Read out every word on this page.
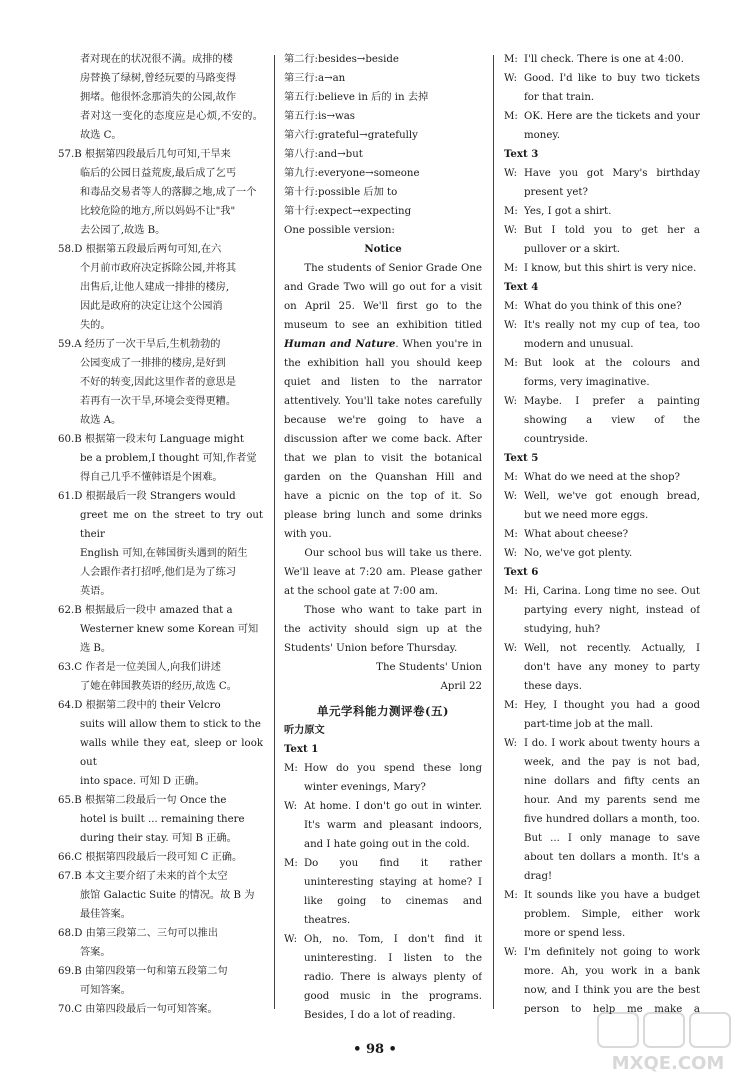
者对现在的状况很不满。成排的楼
房替换了绿树,曾经玩要的马路变得
拥堵。他很怀念那消失的公园,故作
者对这一变化的态度应是心烦,不安的。故选 C。
57.B 根据第四段最后几句可知,干旱来
临后的公园日益荒废,最后成了乞丐
和毒品交易者等人的落脚之地,成了一个
比较危险的地方,所以妈妈不让"我"
去公园了,故选 B。
58.D 根据第五段最后两句可知,在六
个月前市政府决定拆除公园,并将其
出售后,让他人建成一排排的楼房,
因此是政府的决定让这个公园消
失的。
59.A 经历了一次干旱后,生机勃勃的
公园变成了一排排的楼房,是好到
不好的转变,因此这里作者的意思是
若再有一次干旱,环境会变得更糟。
故选 A。
60.B 根据第一段末句 Language might
be a problem,I thought 可知,作者觉
得自己几乎不懂韩语是个困难。
61.D 根据最后一段 Strangers would
greet me on the street to try out their
English 可知,在韩国街头遇到的陌生
人会跟作者打招呼,他们是为了练习
英语。
62.B 根据最后一段中 amazed that a
Westerner knew some Korean 可知
选 B。
63.C 作者是一位美国人,向我们讲述
了她在韩国教英语的经历,故选 C。
64.D 根据第二段中的 their Velcro
suits will allow them to stick to the
walls while they eat, sleep or look out
into space. 可知 D 正确。
65.B 根据第二段最后一句 Once the
hotel is built ... remaining there
during their stay. 可知 B 正确。
66.C 根据第四段最后一段可知 C 正确。
67.B 本文主要介绍了未来的首个太空
旅馆 Galactic Suite 的情况。故 B 为
最佳答案。
68.D 由第三段第二、三句可以推出
答案。
69.B 由第四段第一句和第五段第二句
可知答案。
70.C 由第四段最后一句可知答案。
第二行:besides→beside
第三行:a→an
第五行:believe in 后的 in 去掉
第五行:is→was
第六行:grateful→gratefully
第八行:and→but
第九行:everyone→someone
第十行:possible 后加 to
第十行:expect→expecting
One possible version:
Notice
The students of Senior Grade One and Grade Two will go out for a visit on April 25. We'll first go to the museum to see an exhibition titled Human and Nature. When you're in the exhibition hall you should keep quiet and listen to the narrator attentively. You'll take notes carefully because we're going to have a discussion after we come back. After that we plan to visit the botanical garden on the Quanshan Hill and have a picnic on the top of it. So please bring lunch and some drinks with you.
Our school bus will take us there. We'll leave at 7:20 am. Please gather at the school gate at 7:00 am.
Those who want to take part in the activity should sign up at the Students' Union before Thursday.
The Students' Union
April 22
单元学科能力测评卷(五)
听力原文
Text 1
M: How do you spend these long winter evenings, Mary?
W: At home. I don't go out in winter. It's warm and pleasant indoors, and I hate going out in the cold.
M: Do you find it rather uninteresting staying at home? I like going to cinemas and theatres.
W: Oh, no. Tom, I don't find it uninteresting. I listen to the radio. There is always plenty of good music in the programs. Besides, I do a lot of reading.
M: I'll check. There is one at 4:00.
W: Good. I'd like to buy two tickets for that train.
M: OK. Here are the tickets and your money.
Text 3
W: Have you got Mary's birthday present yet?
M: Yes, I got a shirt.
W: But I told you to get her a pullover or a skirt.
M: I know, but this shirt is very nice.
Text 4
M: What do you think of this one?
W: It's really not my cup of tea, too modern and unusual.
M: But look at the colours and forms, very imaginative.
W: Maybe. I prefer a painting showing a view of the countryside.
Text 5
M: What do we need at the shop?
W: Well, we've got enough bread, but we need more eggs.
M: What about cheese?
W: No, we've got plenty.
Text 6
M: Hi, Carina. Long time no see. Out partying every night, instead of studying, huh?
W: Well, not recently. Actually, I don't have any money to party these days.
M: Hey, I thought you had a good part-time job at the mall.
W: I do. I work about twenty hours a week, and the pay is not bad, nine dollars and fifty cents an hour. And my parents send me five hundred dollars a month, too. But ... I only manage to save about ten dollars a month. It's a drag!
M: It sounds like you have a budget problem. Simple, either work more or spend less.
W: I'm definitely not going to work more. Ah, you work in a bank now, and I think you are the best person to help me make a
• 98 •
MXQE.COM
